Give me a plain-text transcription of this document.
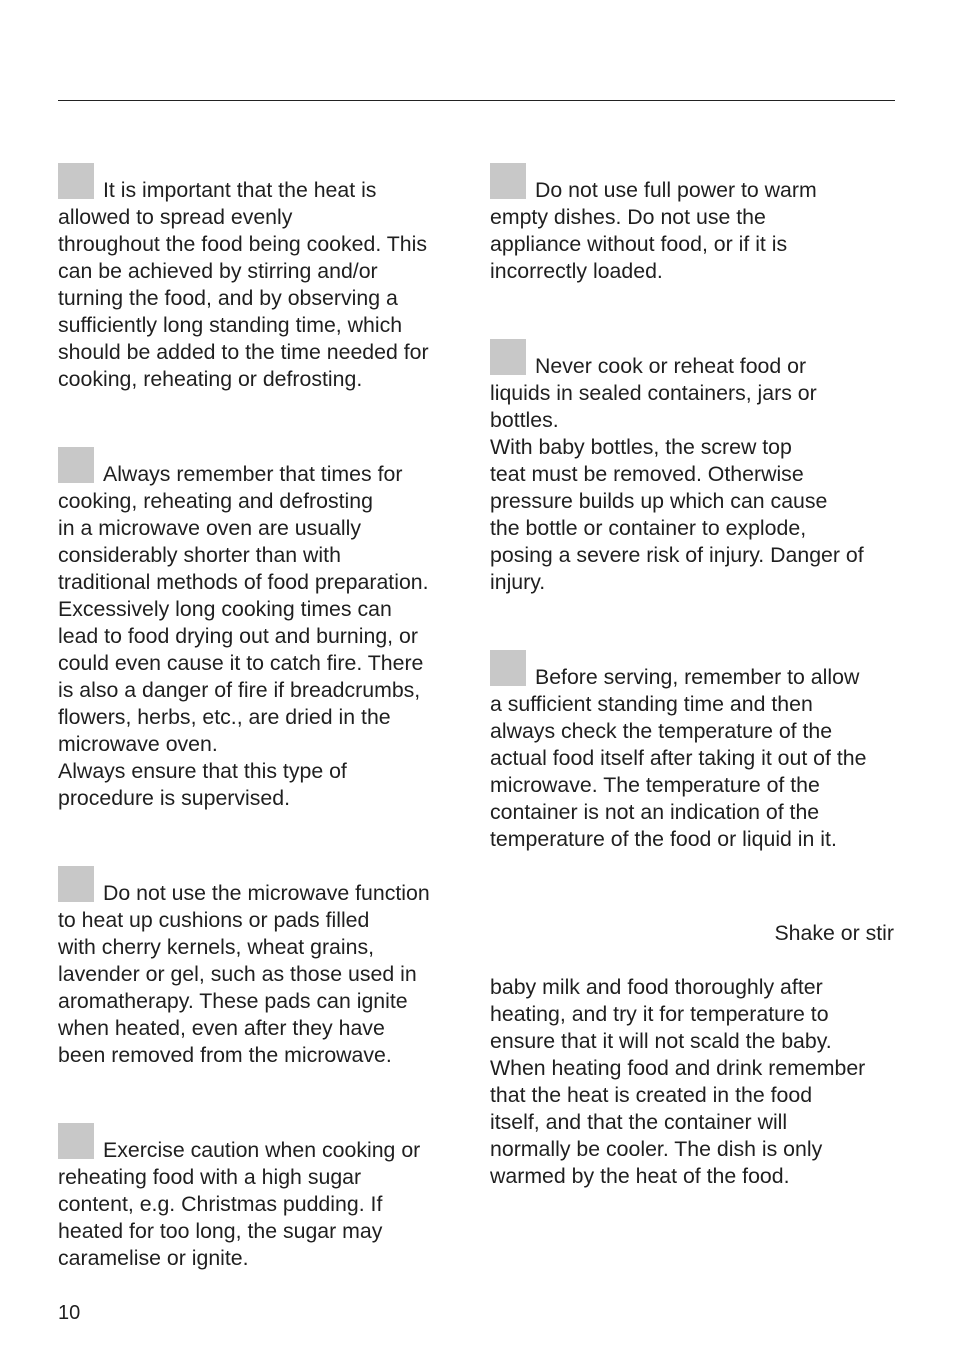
It is important that the heat is
allowed to spread evenly
throughout the food being cooked. This
can be achieved by stirring and/or
turning the food, and by observing a
sufficiently long standing time, which
should be added to the time needed for
cooking, reheating or defrosting.

Always remember that times for
cooking, reheating and defrosting
in a microwave oven are usually
considerably shorter than with
traditional methods of food preparation.
Excessively long cooking times can
lead to food drying out and burning, or
could even cause it to catch fire. There
is also a danger of fire if breadcrumbs,
flowers, herbs, etc., are dried in the
microwave oven.
Always ensure that this type of
procedure is supervised.

Do not use the microwave function
to heat up cushions or pads filled
with cherry kernels, wheat grains,
lavender or gel, such as those used in
aromatherapy. These pads can ignite
when heated, even after they have
been removed from the microwave.

Exercise caution when cooking or
reheating food with a high sugar
content, e.g. Christmas pudding. If
heated for too long, the sugar may
caramelise or ignite.

Do not use full power to warm
empty dishes. Do not use the
appliance without food, or if it is
incorrectly loaded.

Never cook or reheat food or
liquids in sealed containers, jars or
bottles.
With baby bottles, the screw top
teat must be removed. Otherwise
pressure builds up which can cause
the bottle or container to explode,
posing a severe risk of injury. Danger of
injury.

Before serving, remember to allow
a sufficient standing time and then
always check the temperature of the
actual food itself after taking it out of the
microwave. The temperature of the
container is not an indication of the
temperature of the food or liquid in it.

Shake or stir

baby milk and food thoroughly after
heating, and try it for temperature to
ensure that it will not scald the baby.
When heating food and drink remember
that the heat is created in the food
itself, and that the container will
normally be cooler. The dish is only
warmed by the heat of the food.

10
